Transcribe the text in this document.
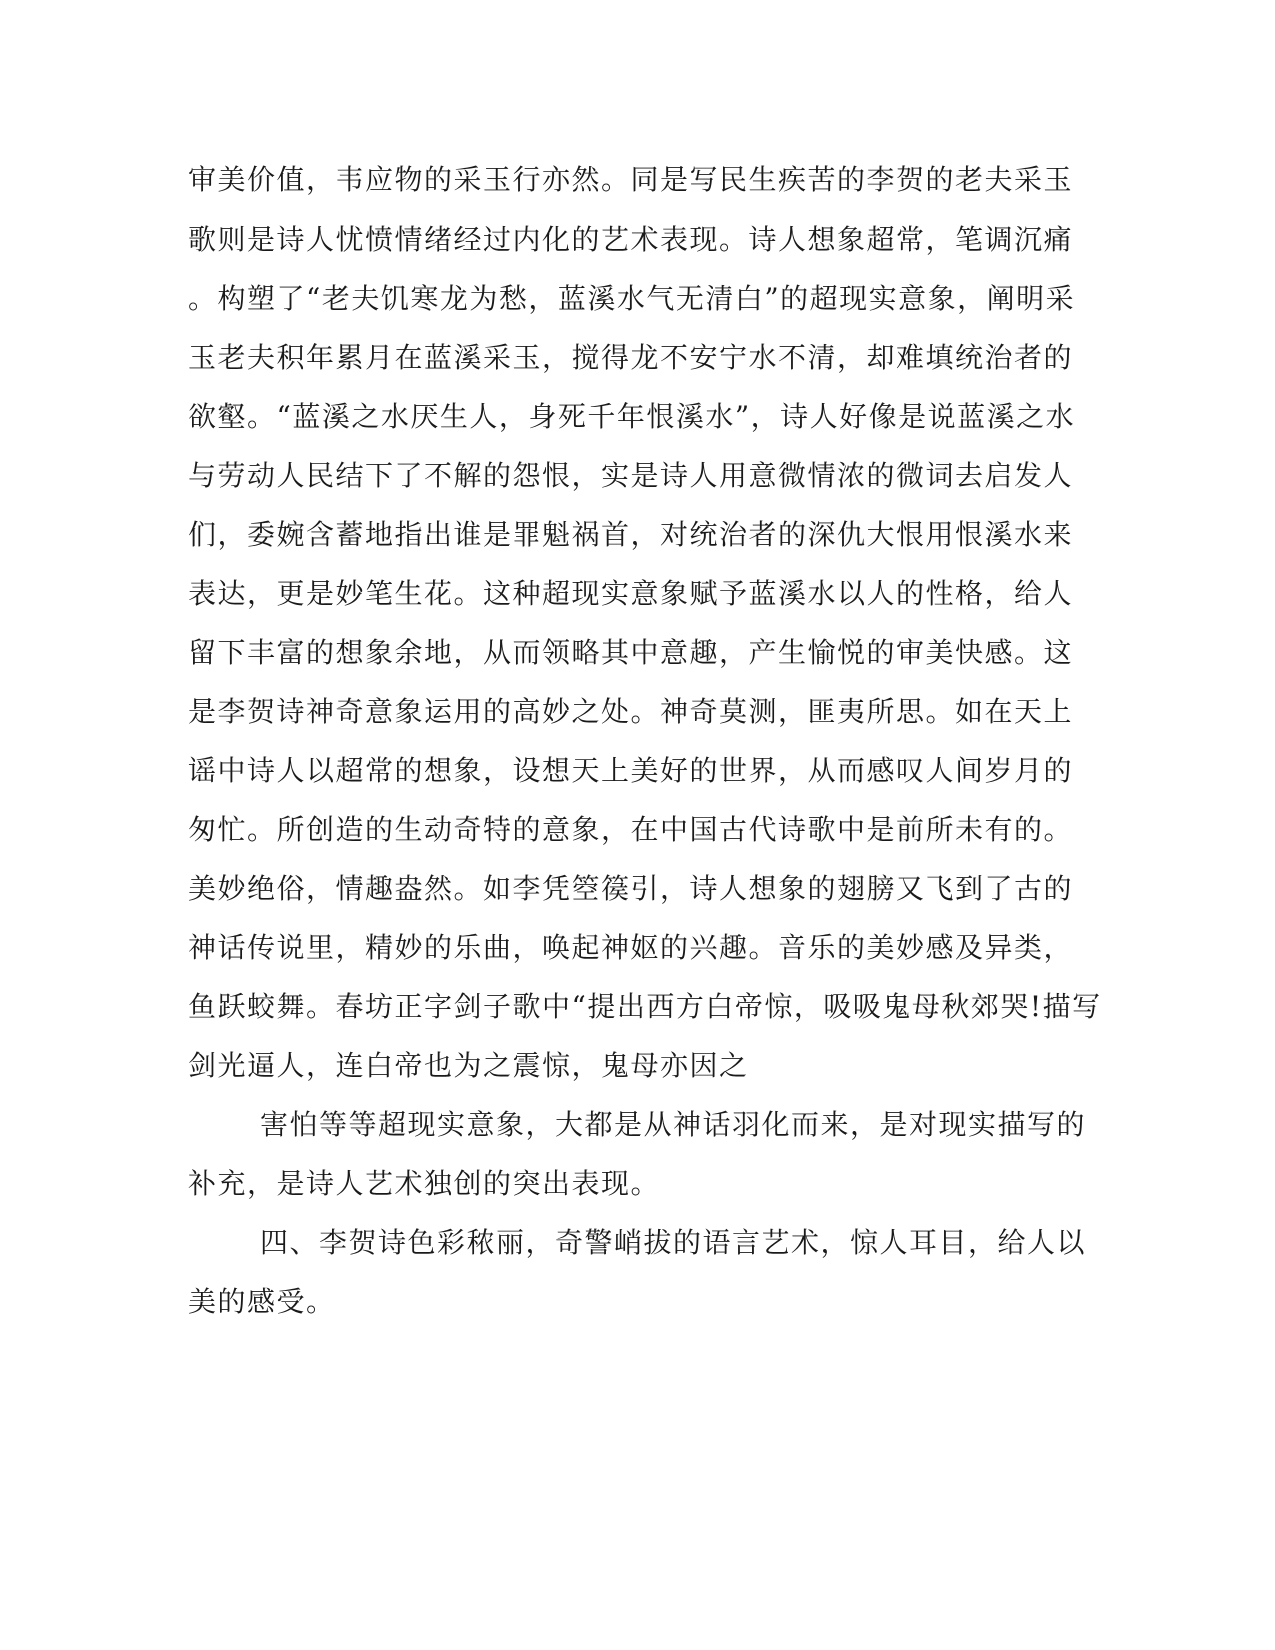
审美价值，韦应物的采玉行亦然。同是写民生疾苦的李贺的老夫采玉
歌则是诗人忧愤情绪经过内化的艺术表现。诗人想象超常，笔调沉痛
。构塑了“老夫饥寒龙为愁，蓝溪水气无清白”的超现实意象，阐明采
玉老夫积年累月在蓝溪采玉，搅得龙不安宁水不清，却难填统治者的
欲壑。“蓝溪之水厌生人，身死千年恨溪水”，诗人好像是说蓝溪之水
与劳动人民结下了不解的怨恨，实是诗人用意微情浓的微词去启发人
们，委婉含蓄地指出谁是罪魁祸首，对统治者的深仇大恨用恨溪水来
表达，更是妙笔生花。这种超现实意象赋予蓝溪水以人的性格，给人
留下丰富的想象余地，从而领略其中意趣，产生愉悦的审美快感。这
是李贺诗神奇意象运用的高妙之处。神奇莫测，匪夷所思。如在天上
谣中诗人以超常的想象，设想天上美好的世界，从而感叹人间岁月的
匆忙。所创造的生动奇特的意象，在中国古代诗歌中是前所未有的。
美妙绝俗，情趣盎然。如李凭箜篌引，诗人想象的翅膀又飞到了古的
神话传说里，精妙的乐曲，唤起神妪的兴趣。音乐的美妙感及异类，
鱼跃蛟舞。春坊正字剑子歌中“提出西方白帝惊，吸吸鬼母秋郊哭!描写
剑光逼人，连白帝也为之震惊，鬼母亦因之
害怕等等超现实意象，大都是从神话羽化而来，是对现实描写的
补充，是诗人艺术独创的突出表现。
四、李贺诗色彩秾丽，奇警峭拔的语言艺术，惊人耳目，给人以
美的感受。
